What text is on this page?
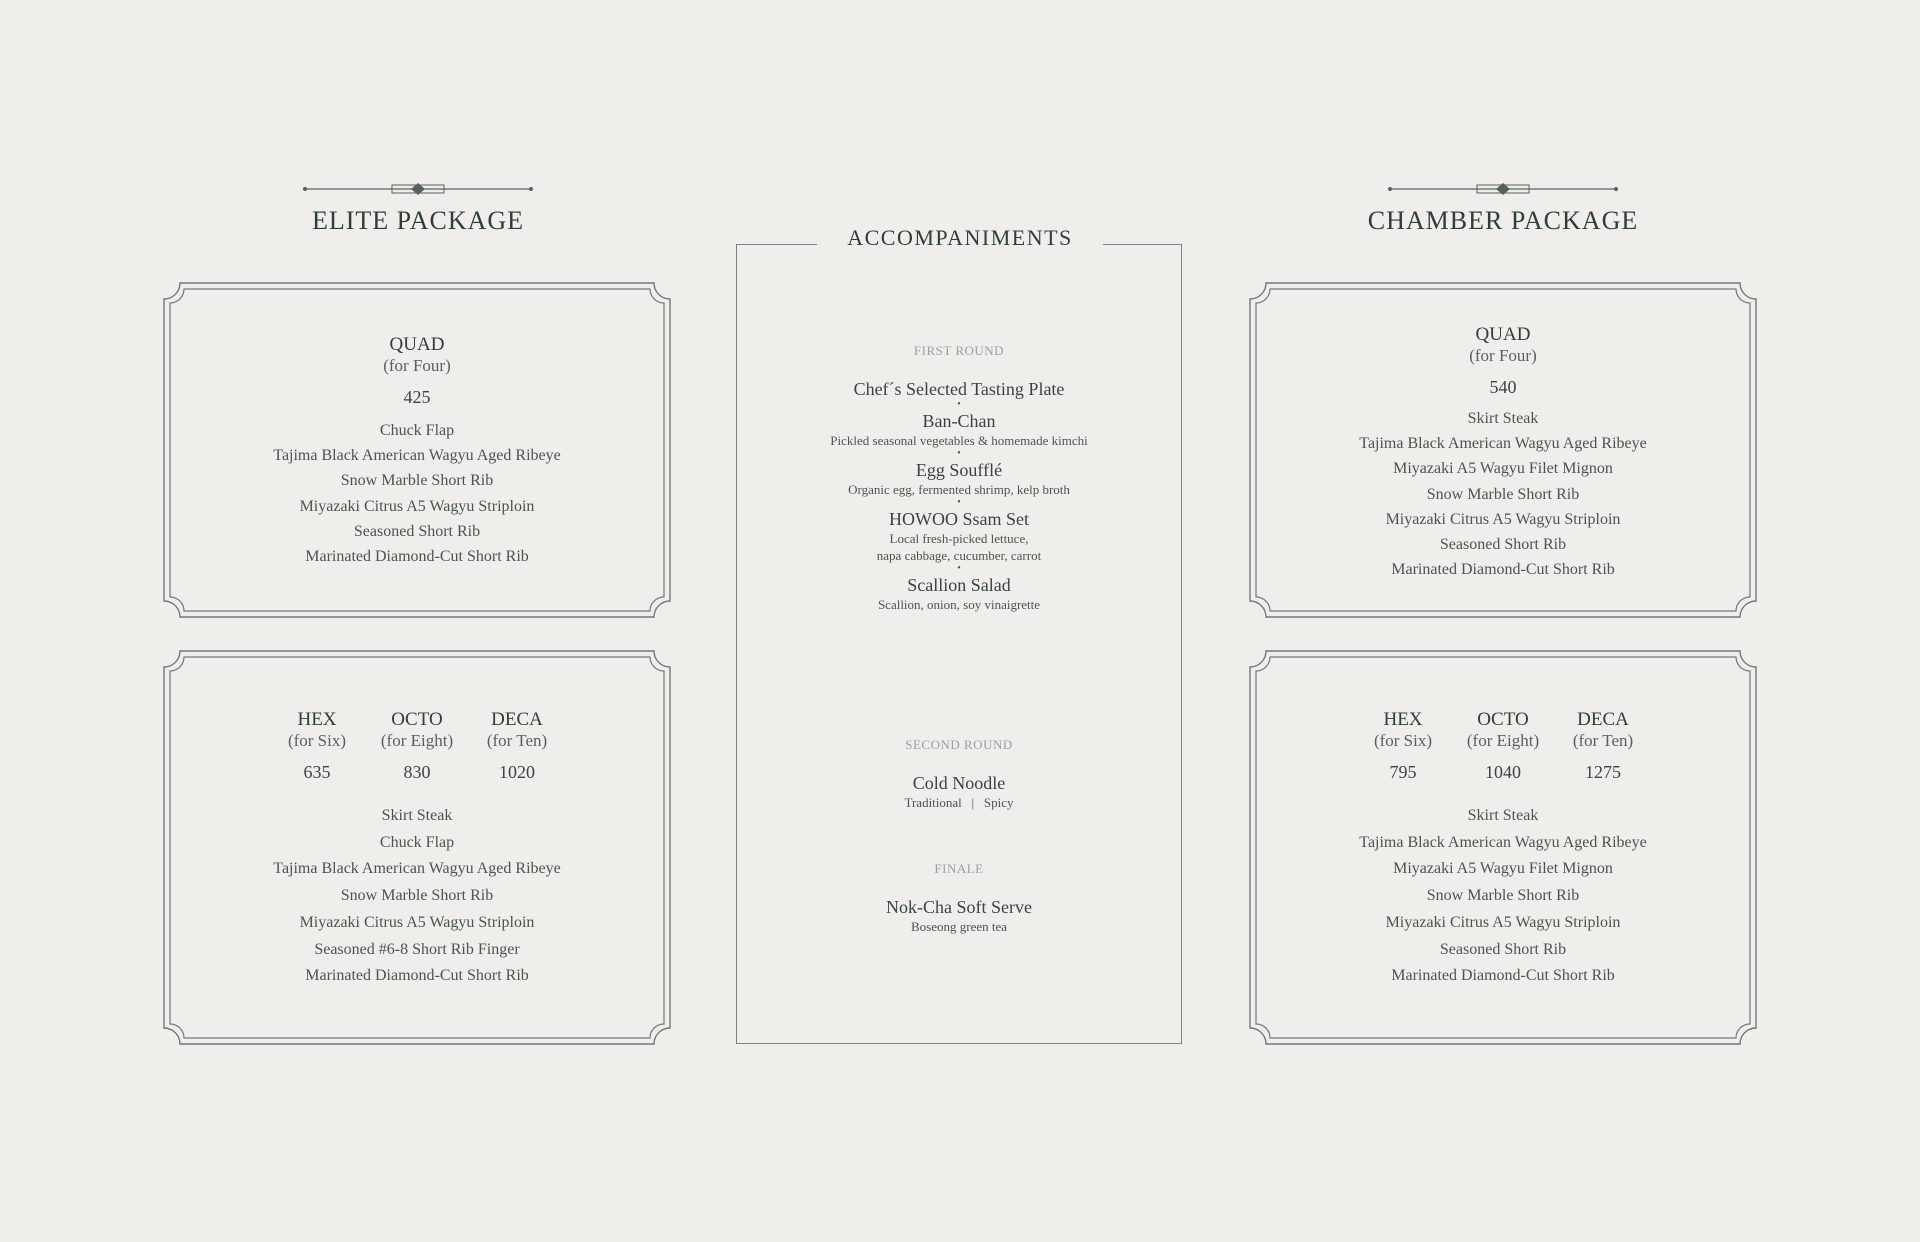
ELITE PACKAGE	CHAMBER PACKAGE
QUAD
(for Four)
425
Chuck Flap
Tajima Black American Wagyu Aged Ribeye
Snow Marble Short Rib
Miyazaki Citrus A5 Wagyu Striploin
Seasoned Short Rib
Marinated Diamond-Cut Short Rib
HEX
(for Six)
635
OCTO
(for Eight)
830
DECA
(for Ten)
1020
Skirt Steak
Chuck Flap
Tajima Black American Wagyu Aged Ribeye
Snow Marble Short Rib
Miyazaki Citrus A5 Wagyu Striploin
Seasoned #6-8 Short Rib Finger
Marinated Diamond-Cut Short Rib
ACCOMPANIMENTS
FIRST ROUND
Chef´s Selected Tasting Plate
•
Ban-Chan
Pickled seasonal vegetables & homemade kimchi
•
Egg Soufflé
Organic egg, fermented shrimp, kelp broth
•
HOWOO Ssam Set
Local fresh-picked lettuce,
napa cabbage, cucumber, carrot
•
Scallion Salad
Scallion, onion, soy vinaigrette
SECOND ROUND
Cold Noodle
Traditional   |   Spicy
FINALE
Nok-Cha Soft Serve
Boseong green tea
QUAD
(for Four)
540
Skirt Steak
Tajima Black American Wagyu Aged Ribeye
Miyazaki A5 Wagyu Filet Mignon
Snow Marble Short Rib
Miyazaki Citrus A5 Wagyu Striploin
Seasoned Short Rib
Marinated Diamond-Cut Short Rib
HEX
(for Six)
795
OCTO
(for Eight)
1040
DECA
(for Ten)
1275
Skirt Steak
Tajima Black American Wagyu Aged Ribeye
Miyazaki A5 Wagyu Filet Mignon
Snow Marble Short Rib
Miyazaki Citrus A5 Wagyu Striploin
Seasoned Short Rib
Marinated Diamond-Cut Short Rib
